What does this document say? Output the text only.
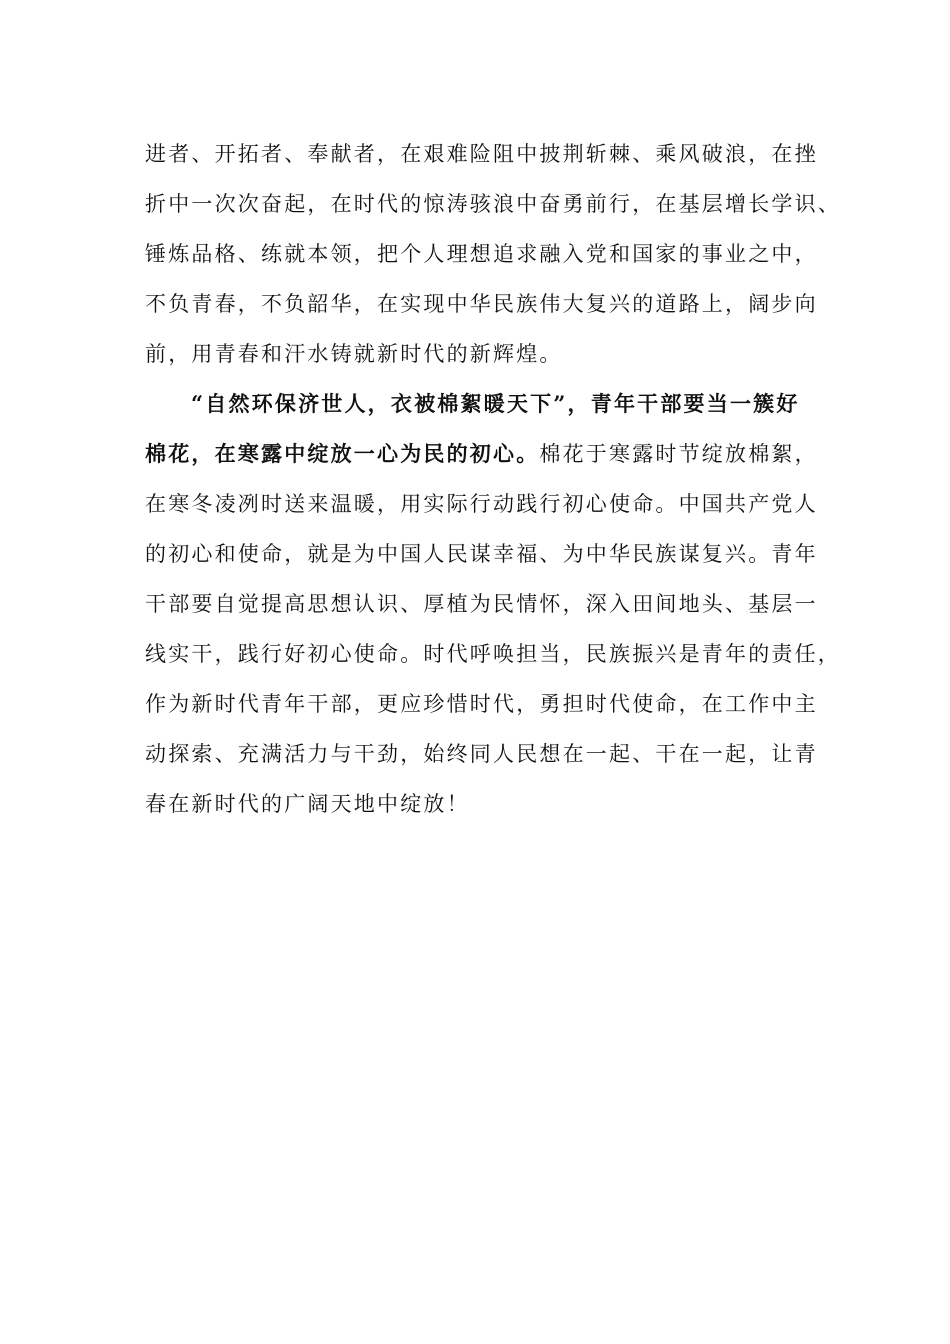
进者、开拓者、奉献者，在艰难险阻中披荆斩棘、乘风破浪，在挫
折中一次次奋起，在时代的惊涛骇浪中奋勇前行，在基层增长学识、
锤炼品格、练就本领，把个人理想追求融入党和国家的事业之中，
不负青春，不负韶华，在实现中华民族伟大复兴的道路上，阔步向
前，用青春和汗水铸就新时代的新辉煌。
“自然环保济世人，衣被棉絮暖天下”，青年干部要当一簇好
棉花，在寒露中绽放一心为民的初心。棉花于寒露时节绽放棉絮，
在寒冬凌冽时送来温暖，用实际行动践行初心使命。中国共产党人
的初心和使命，就是为中国人民谋幸福、为中华民族谋复兴。青年
干部要自觉提高思想认识、厚植为民情怀，深入田间地头、基层一
线实干，践行好初心使命。时代呼唤担当，民族振兴是青年的责任，
作为新时代青年干部，更应珍惜时代，勇担时代使命，在工作中主
动探索、充满活力与干劲，始终同人民想在一起、干在一起，让青
春在新时代的广阔天地中绽放！
